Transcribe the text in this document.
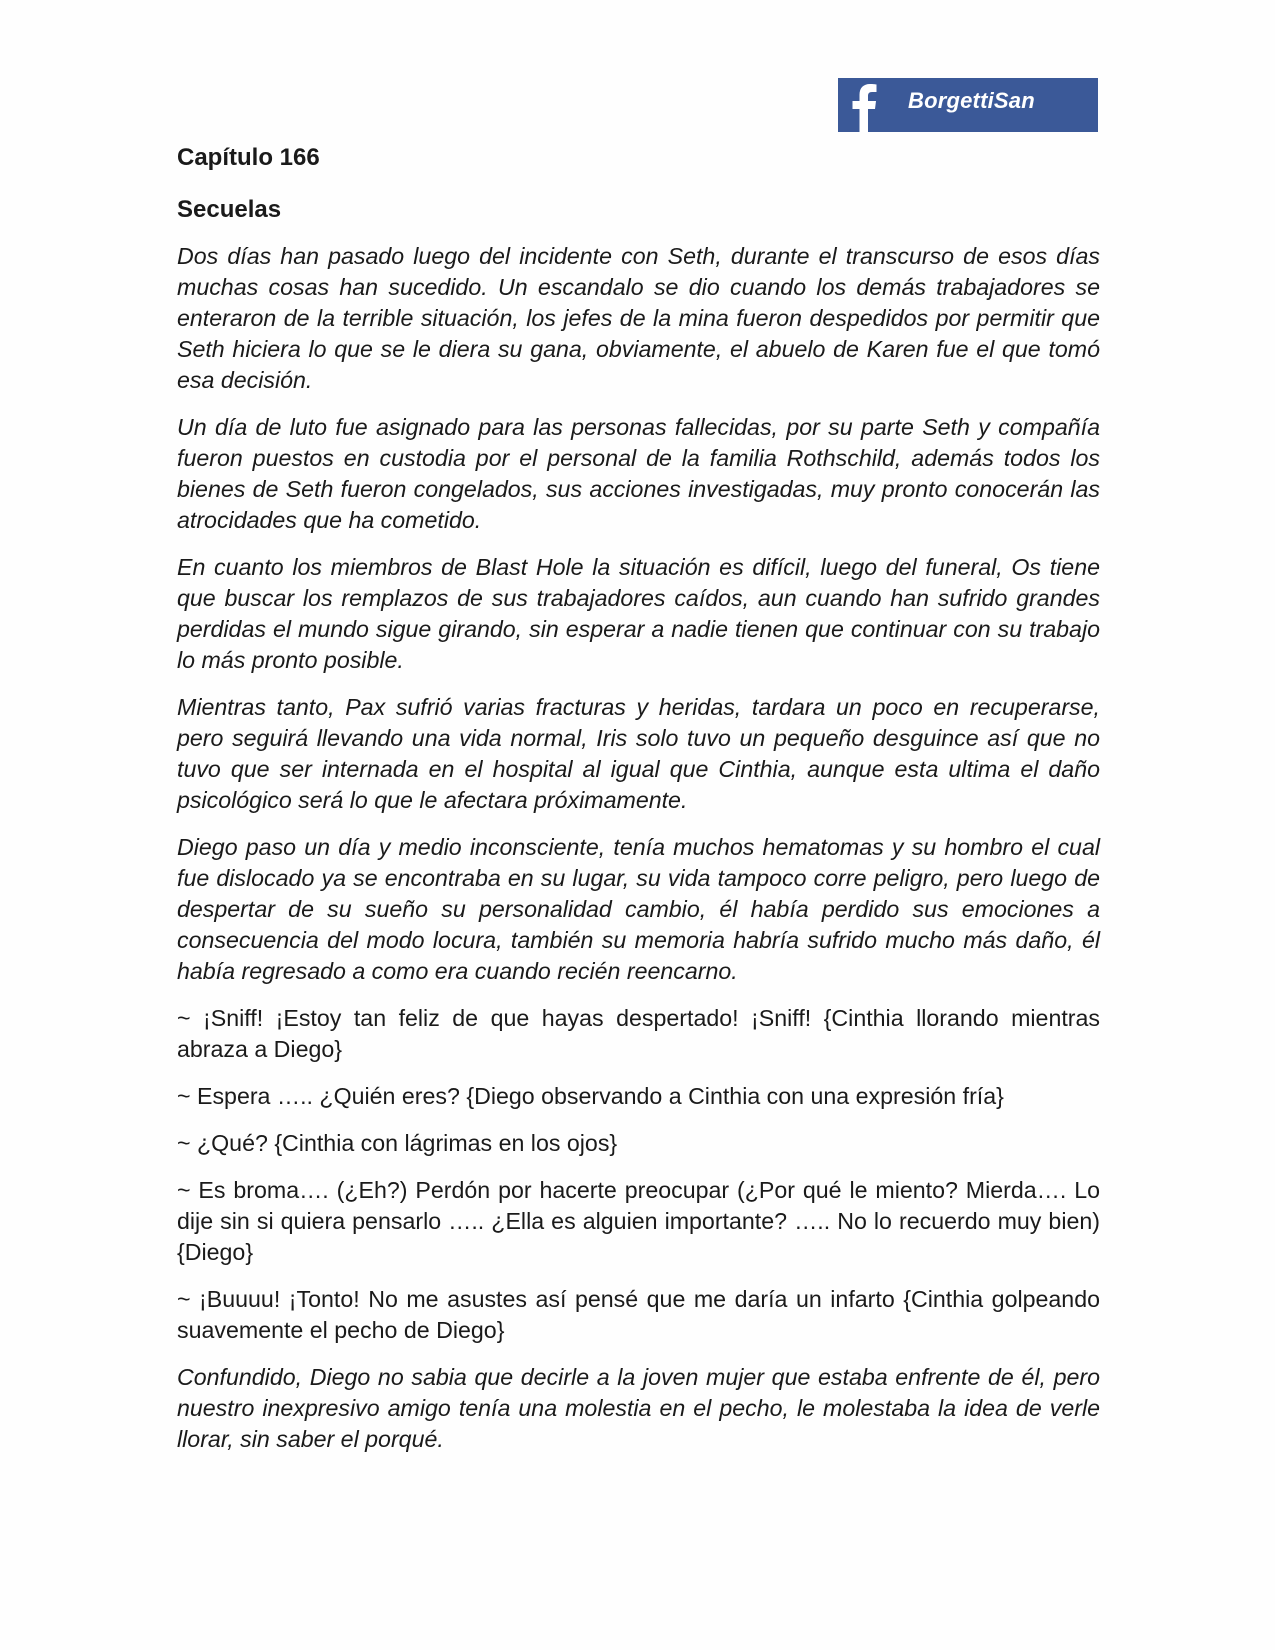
BorgettiSan
Capítulo 166
Secuelas

Dos días han pasado luego del incidente con Seth, durante el transcurso de esos días muchas cosas han sucedido. Un escandalo se dio cuando los demás trabajadores se enteraron de la terrible situación, los jefes de la mina fueron despedidos por permitir que Seth hiciera lo que se le diera su gana, obviamente, el abuelo de Karen fue el que tomó esa decisión.

Un día de luto fue asignado para las personas fallecidas, por su parte Seth y compañía fueron puestos en custodia por el personal de la familia Rothschild, además todos los bienes de Seth fueron congelados, sus acciones investigadas, muy pronto conocerán las atrocidades que ha cometido.

En cuanto los miembros de Blast Hole la situación es difícil, luego del funeral, Os tiene que buscar los remplazos de sus trabajadores caídos, aun cuando han sufrido grandes perdidas el mundo sigue girando, sin esperar a nadie tienen que continuar con su trabajo lo más pronto posible.

Mientras tanto, Pax sufrió varias fracturas y heridas, tardara un poco en recuperarse, pero seguirá llevando una vida normal, Iris solo tuvo un pequeño desguince así que no tuvo que ser internada en el hospital al igual que Cinthia, aunque esta ultima el daño psicológico será lo que le afectara próximamente.

Diego paso un día y medio inconsciente, tenía muchos hematomas y su hombro el cual fue dislocado ya se encontraba en su lugar, su vida tampoco corre peligro, pero luego de despertar de su sueño su personalidad cambio, él había perdido sus emociones a consecuencia del modo locura, también su memoria habría sufrido mucho más daño, él había regresado a como era cuando recién reencarno.

~ ¡Sniff! ¡Estoy tan feliz de que hayas despertado! ¡Sniff! {Cinthia llorando mientras abraza a Diego}

~ Espera ….. ¿Quién eres? {Diego observando a Cinthia con una expresión fría}

~ ¿Qué? {Cinthia con lágrimas en los ojos}

~ Es broma…. (¿Eh?) Perdón por hacerte preocupar (¿Por qué le miento? Mierda…. Lo dije sin si quiera pensarlo ….. ¿Ella es alguien importante? ….. No lo recuerdo muy bien) {Diego}

~ ¡Buuuu! ¡Tonto! No me asustes así pensé que me daría un infarto {Cinthia golpeando suavemente el pecho de Diego}

Confundido, Diego no sabia que decirle a la joven mujer que estaba enfrente de él, pero nuestro inexpresivo amigo tenía una molestia en el pecho, le molestaba la idea de verle llorar, sin saber el porqué.
